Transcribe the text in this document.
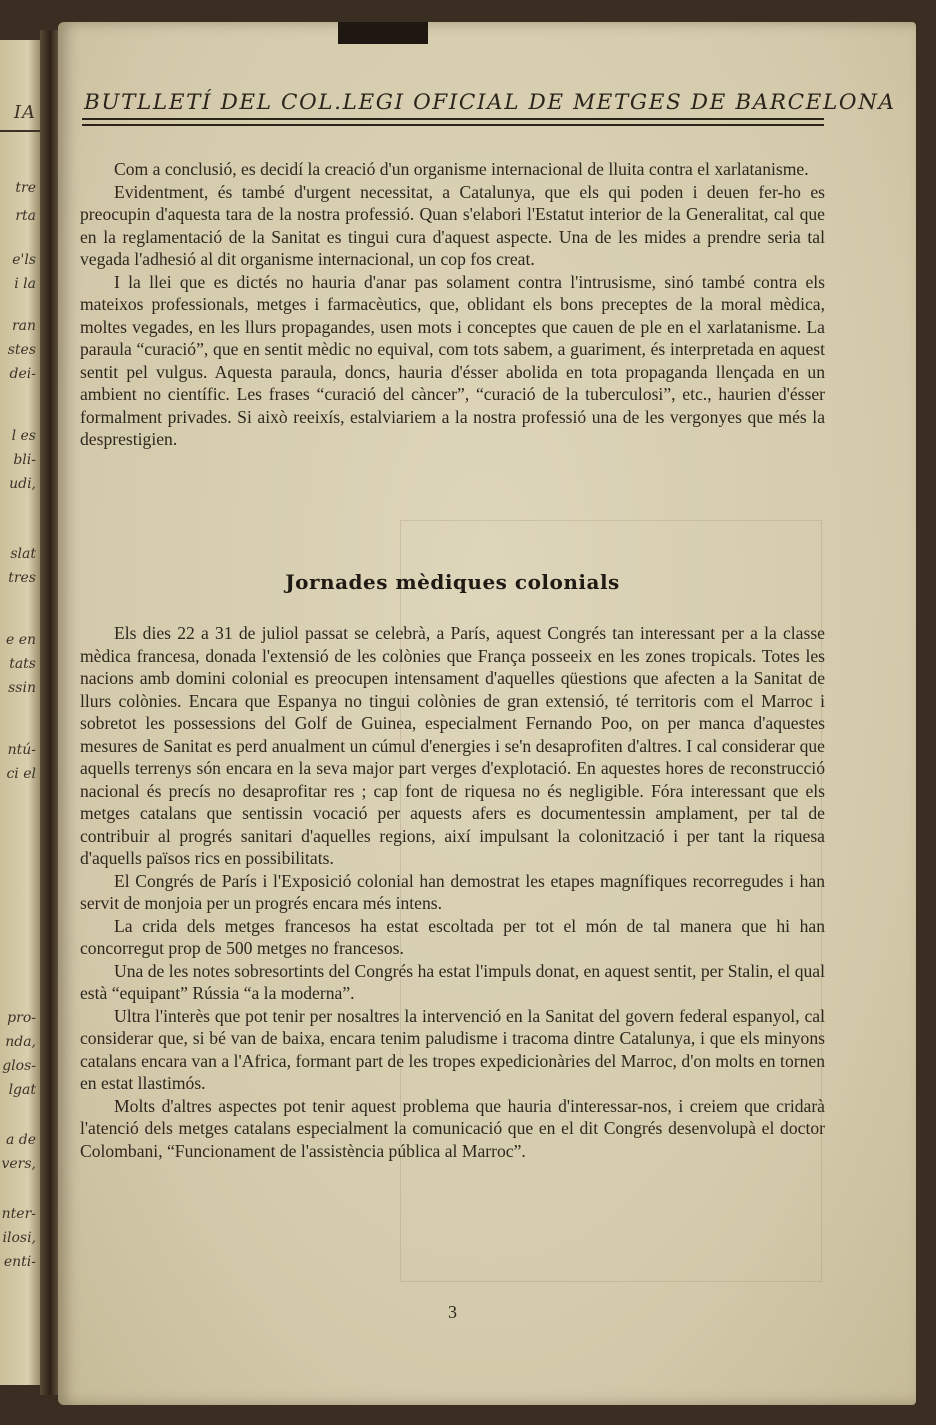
IA
tre
rta
e'ls
i la
ran
stes
dei-
l es
bli-
udi,
slat
tres
e en
tats
ssin
ntú-
ci el
pro-
nda,
glos-
lgat
a de
vers,
nter-
ilosi,
enti-
BUTLLETÍ DEL COL.LEGI OFICIAL DE METGES DE BARCELONA

Com a conclusió, es decidí la creació d'un organisme internacional de lluita contra el xarlatanisme.

Evidentment, és també d'urgent necessitat, a Catalunya, que els qui poden i deuen fer-ho es preocupin d'aquesta tara de la nostra professió. Quan s'elabori l'Estatut interior de la Generalitat, cal que en la reglamentació de la Sanitat es tingui cura d'aquest aspecte. Una de les mides a prendre seria tal vegada l'adhesió al dit organisme internacional, un cop fos creat.

I la llei que es dictés no hauria d'anar pas solament contra l'intrusisme, sinó també contra els mateixos professionals, metges i farmacèutics, que, oblidant els bons preceptes de la moral mèdica, moltes vegades, en les llurs propagandes, usen mots i conceptes que cauen de ple en el xarlatanisme. La paraula “curació”, que en sentit mèdic no equival, com tots sabem, a guariment, és interpretada en aquest sentit pel vulgus. Aquesta paraula, doncs, hauria d'ésser abolida en tota propaganda llençada en un ambient no científic. Les frases “curació del càncer”, “curació de la tuberculosi”, etc., haurien d'ésser formalment privades. Si això reeixís, estalviariem a la nostra professió una de les vergonyes que més la desprestigien.

Jornades mèdiques colonials

Els dies 22 a 31 de juliol passat se celebrà, a París, aquest Congrés tan interessant per a la classe mèdica francesa, donada l'extensió de les colònies que França posseeix en les zones tropicals. Totes les nacions amb domini colonial es preocupen intensament d'aquelles qüestions que afecten a la Sanitat de llurs colònies. Encara que Espanya no tingui colònies de gran extensió, té territoris com el Marroc i sobretot les possessions del Golf de Guinea, especialment Fernando Poo, on per manca d'aquestes mesures de Sanitat es perd anualment un cúmul d'energies i se'n desaprofiten d'altres. I cal considerar que aquells terrenys són encara en la seva major part verges d'explotació. En aquestes hores de reconstrucció nacional és precís no desaprofitar res ; cap font de riquesa no és negligible. Fóra interessant que els metges catalans que sentissin vocació per aquests afers es documentessin amplament, per tal de contribuir al progrés sanitari d'aquelles regions, així impulsant la colonització i per tant la riquesa d'aquells països rics en possibilitats.

El Congrés de París i l'Exposició colonial han demostrat les etapes magnífiques recorregudes i han servit de monjoia per un progrés encara més intens.

La crida dels metges francesos ha estat escoltada per tot el món de tal manera que hi han concorregut prop de 500 metges no francesos.

Una de les notes sobresortints del Congrés ha estat l'impuls donat, en aquest sentit, per Stalin, el qual està “equipant” Rússia “a la moderna”.

Ultra l'interès que pot tenir per nosaltres la intervenció en la Sanitat del govern federal espanyol, cal considerar que, si bé van de baixa, encara tenim paludisme i tracoma dintre Catalunya, i que els minyons catalans encara van a l'Africa, formant part de les tropes expedicionàries del Marroc, d'on molts en tornen en estat llastimós.

Molts d'altres aspectes pot tenir aquest problema que hauria d'interessar-nos, i creiem que cridarà l'atenció dels metges catalans especialment la comunicació que en el dit Congrés desenvolupà el doctor Colombani, “Funcionament de l'assistència pública al Marroc”.

3
